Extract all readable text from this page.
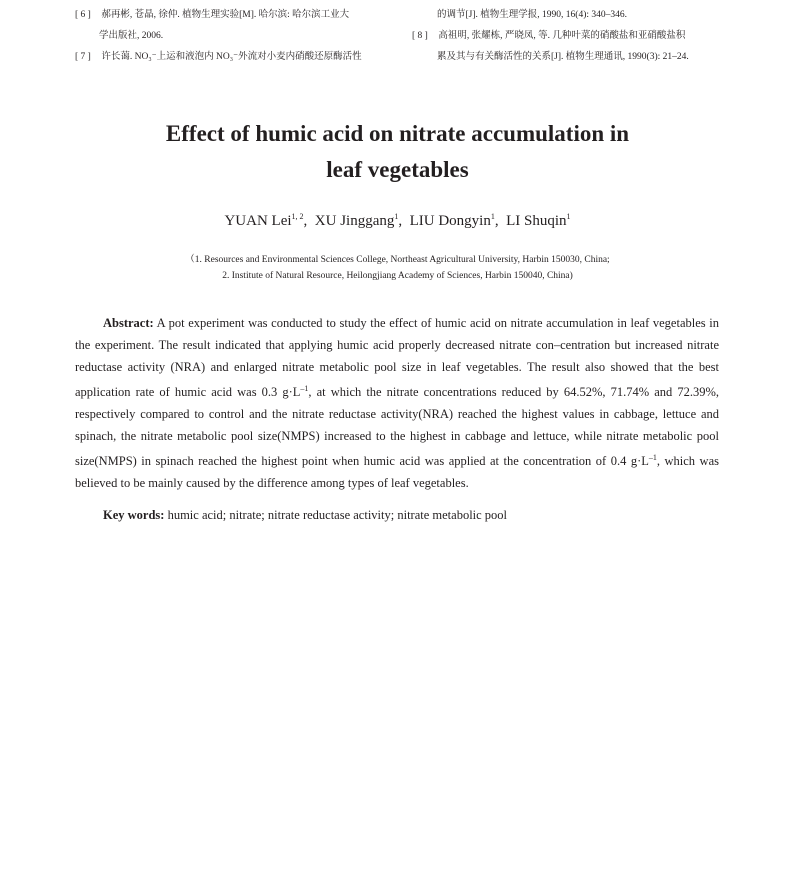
[ 6 ] 郝再彬, 苍晶, 徐仲. 植物生理实验[M]. 哈尔滨: 哈尔滨工业大
学出版社, 2006.
[ 7 ] 许长蔼. NO₃⁻上运和液泡内 NO₃⁻外流对小麦内硝酸还原酶活性
的调节[J]. 植物生理学报, 1990, 16(4): 340–346.
[ 8 ] 高祖明, 张耀栋, 严晓凤, 等. 几种叶菜的硝酸盐和亚硝酸盐积
累及其与有关酶活性的关系[J]. 植物生理通讯, 1990(3): 21–24.
Effect of humic acid on nitrate accumulation in
leaf vegetables
YUAN Lei$^{1, 2}$,  XU Jinggang$^1$,  LIU Dongyin$^1$,  LI Shuqin$^1$
（1. Resources and Environmental Sciences College, Northeast Agricultural University, Harbin 150030, China;
2. Institute of Natural Resource, Heilongjiang Academy of Sciences, Harbin 150040, China)
Abstract: A pot experiment was conducted to study the effect of humic acid on nitrate accumulation in leaf vegetables in the experiment. The result indicated that applying humic acid properly decreased nitrate con–centration but increased nitrate reductase activity (NRA) and enlarged nitrate metabolic pool size in leaf vegetables. The result also showed that the best application rate of humic acid was 0.3 $g\cdot L^{-1}$, at which the nitrate concentrations reduced by 64.52%, 71.74% and 72.39%, respectively compared to control and the nitrate reductase activity(NRA) reached the highest values in cabbage, lettuce and spinach, the nitrate metabolic pool size(NMPS) increased to the highest in cabbage and lettuce, while nitrate metabolic pool size(NMPS) in spinach reached the highest point when humic acid was applied at the concentration of 0.4 $g\cdot L^{-1}$, which was believed to be mainly caused by the difference among types of leaf vegetables.
Key words: humic acid; nitrate; nitrate reductase activity; nitrate metabolic pool
